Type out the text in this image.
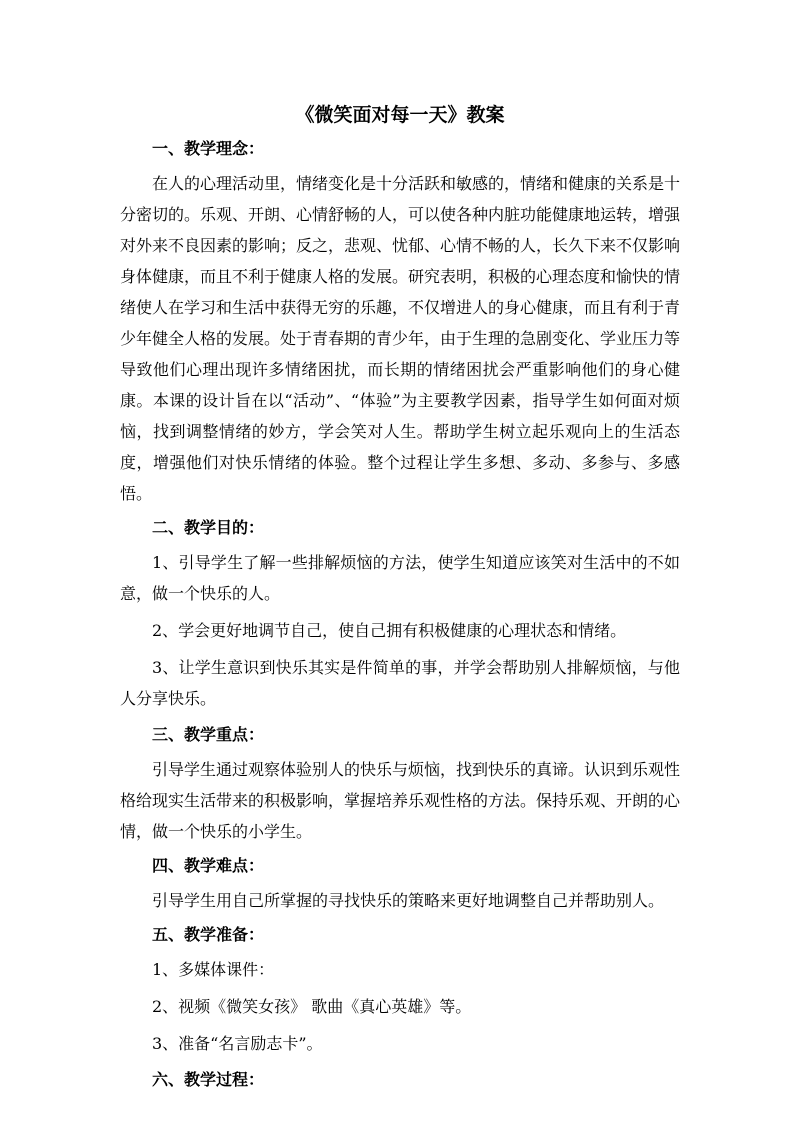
《微笑面对每一天》教案
一、教学理念：

在人的心理活动里，情绪变化是十分活跃和敏感的，情绪和健康的关系是十分密切的。乐观、开朗、心情舒畅的人，可以使各种内脏功能健康地运转，增强对外来不良因素的影响；反之，悲观、忧郁、心情不畅的人，长久下来不仅影响身体健康，而且不利于健康人格的发展。研究表明，积极的心理态度和愉快的情绪使人在学习和生活中获得无穷的乐趣，不仅增进人的身心健康，而且有利于青少年健全人格的发展。处于青春期的青少年，由于生理的急剧变化、学业压力等导致他们心理出现许多情绪困扰，而长期的情绪困扰会严重影响他们的身心健康。本课的设计旨在以“活动”、“体验”为主要教学因素，指导学生如何面对烦恼，找到调整情绪的妙方，学会笑对人生。帮助学生树立起乐观向上的生活态度，增强他们对快乐情绪的体验。整个过程让学生多想、多动、多参与、多感悟。

二、教学目的：

1、引导学生了解一些排解烦恼的方法，使学生知道应该笑对生活中的不如意，做一个快乐的人。

2、学会更好地调节自己，使自己拥有积极健康的心理状态和情绪。

3、让学生意识到快乐其实是件简单的事，并学会帮助别人排解烦恼，与他人分享快乐。

三、教学重点：

引导学生通过观察体验别人的快乐与烦恼，找到快乐的真谛。认识到乐观性格给现实生活带来的积极影响，掌握培养乐观性格的方法。保持乐观、开朗的心情，做一个快乐的小学生。

四、教学难点：

引导学生用自己所掌握的寻找快乐的策略来更好地调整自己并帮助别人。

五、教学准备：

1、多媒体课件：

2、视频《微笑女孩》 歌曲《真心英雄》等。

3、准备“名言励志卡”。

六、教学过程：
